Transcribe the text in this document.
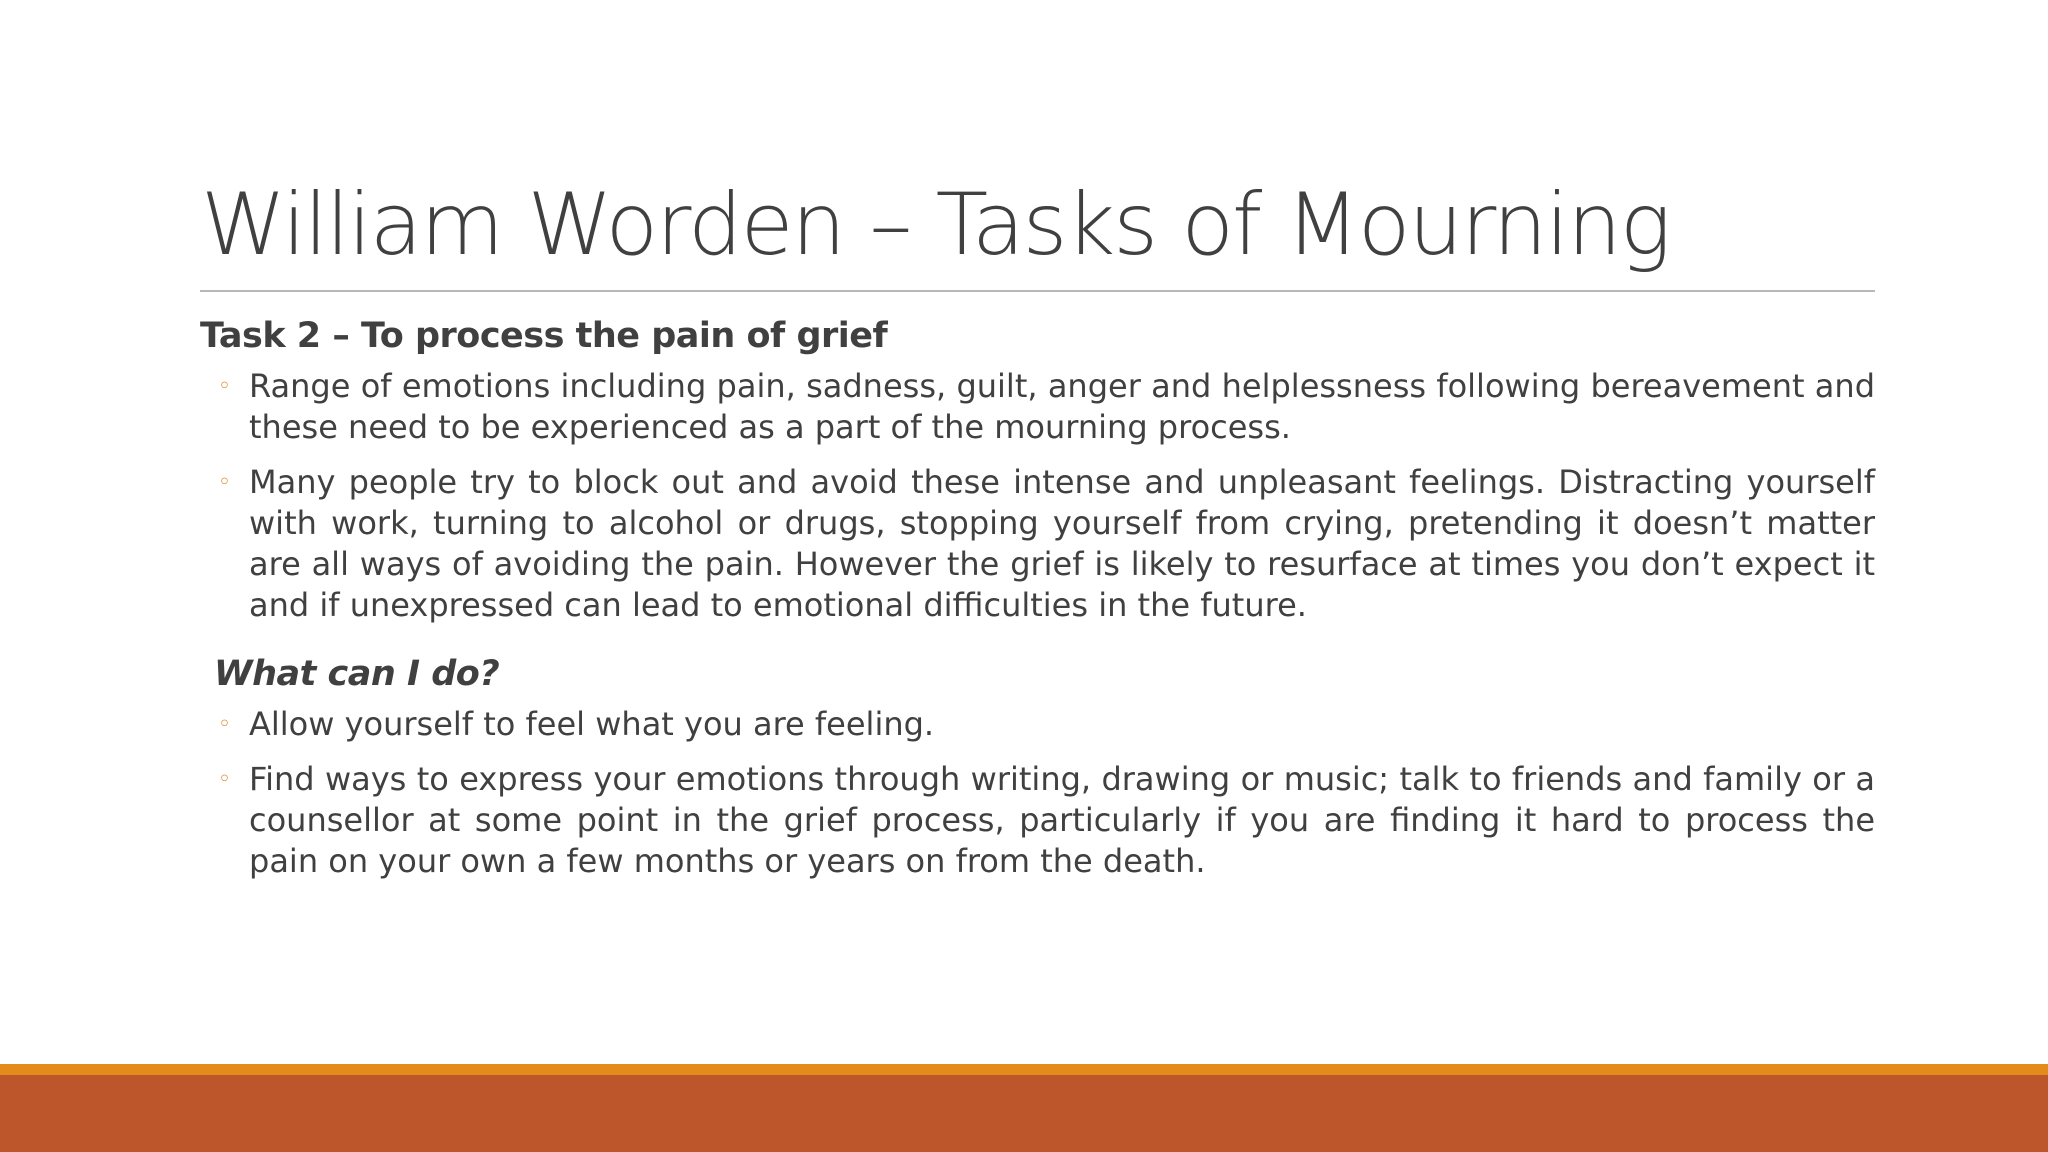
William Worden – Tasks of Mourning
Task 2 – To process the pain of grief
◦ Range of emotions including pain, sadness, guilt, anger and helplessness following bereavement and these need to be experienced as a part of the mourning process.
◦ Many people try to block out and avoid these intense and unpleasant feelings. Distracting yourself with work, turning to alcohol or drugs, stopping yourself from crying, pretending it doesn’t matter are all ways of avoiding the pain. However the grief is likely to resurface at times you don’t expect it and if unexpressed can lead to emotional difficulties in the future.
What can I do?
◦ Allow yourself to feel what you are feeling.
◦ Find ways to express your emotions through writing, drawing or music; talk to friends and family or a counsellor at some point in the grief process, particularly if you are finding it hard to process the pain on your own a few months or years on from the death.
